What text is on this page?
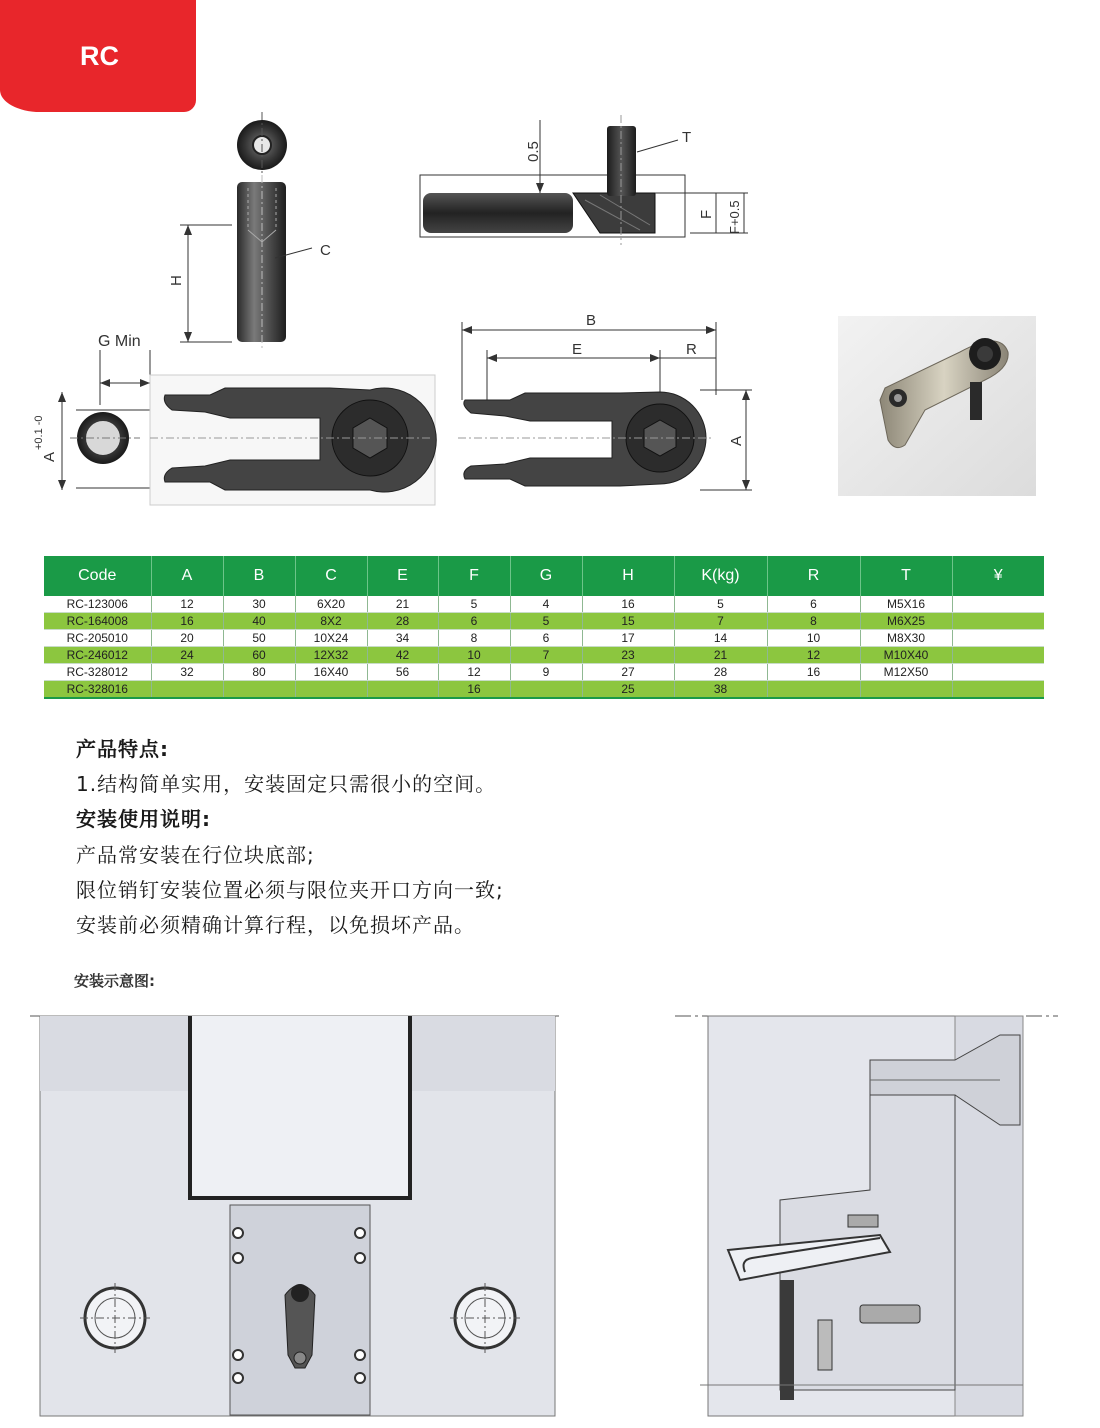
RC
C
H
T
0.5
F F+0.5
G Min
A
+0.1 -0
B
E	R
A
Code	A	B	C	E	F	G	H	K(kg)	R	T	¥
RC-123006	12	30	6X20	21	5	4	16	5	6	M5X16	
RC-164008	16	40	8X2	28	6	5	15	7	8	M6X25	
RC-205010	20	50	10X24	34	8	6	17	14	10	M8X30	
RC-246012	24	60	12X32	42	10	7	23	21	12	M10X40	
RC-328012	32	80	16X40	56	12	9	27	28	16	M12X50	
RC-328016					16		25	38			
产品特点:
1.结构简单实用，安装固定只需很小的空间。
安装使用说明:
产品常安装在行位块底部;
限位销钉安装位置必须与限位夹开口方向一致;
安装前必须精确计算行程，以免损坏产品。
安装示意图:
